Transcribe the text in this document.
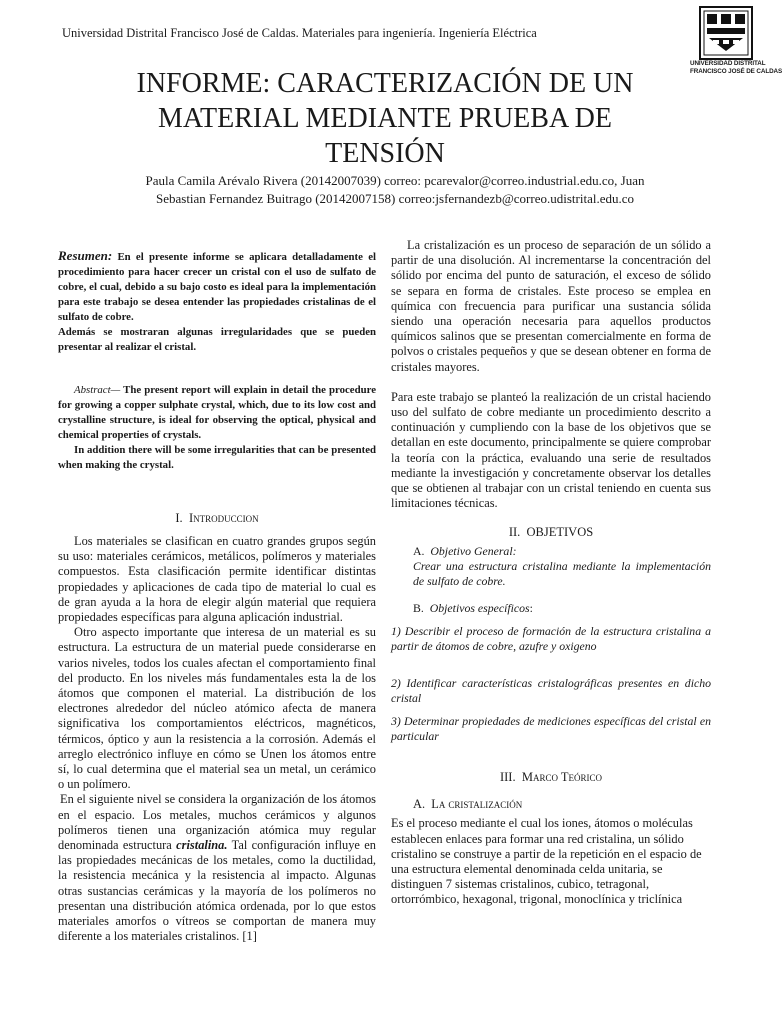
Universidad Distrital Francisco José de Caldas. Materiales para ingeniería. Ingeniería Eléctrica
UNIVERSIDAD DISTRITAL
FRANCISCO JOSÉ DE CALDAS
INFORME: CARACTERIZACIÓN DE UN
MATERIAL MEDIANTE PRUEBA DE
TENSIÓN
Paula Camila Arévalo Rivera (20142007039) correo: pcarevalor@correo.industrial.edu.co, Juan
Sebastian Fernandez Buitrago (20142007158) correo:jsfernandezb@correo.udistrital.edu.co
Resumen: En el presente informe se aplicara detalladamente el procedimiento para hacer crecer un cristal con el uso de sulfato de cobre, el cual, debido a su bajo costo es ideal para la implementación para este trabajo se desea entender las propiedades cristalinas de el sulfato de cobre.
Además se mostraran algunas irregularidades que se pueden presentar al realizar el cristal.
Abstract— The present report will explain in detail the procedure for growing a copper sulphate crystal, which, due to its low cost and crystalline structure, is ideal for observing the optical, physical and chemical properties of crystals.
In addition there will be some irregularities that can be presented when making the crystal.
I. Introduccion
Los materiales se clasifican en cuatro grandes grupos según su uso: materiales cerámicos, metálicos, polímeros y materiales compuestos. Esta clasificación permite identificar distintas propiedades y aplicaciones de cada tipo de material lo cual es de gran ayuda a la hora de elegir algún material que requiera propiedades específicas para alguna aplicación industrial.
Otro aspecto importante que interesa de un material es su estructura. La estructura de un material puede considerarse en varios niveles, todos los cuales afectan el comportamiento final del producto. En los niveles más fundamentales esta la de los átomos que componen el material. La distribución de los electrones alrededor del núcleo atómico afecta de manera significativa los comportamientos eléctricos, magnéticos, térmicos, óptico y aun la resistencia a la corrosión. Además el arreglo electrónico influye en cómo se Unen los átomos entre sí, lo cual determina que el material sea un metal, un cerámico o un polímero.
En el siguiente nivel se considera la organización de los átomos en el espacio. Los metales, muchos cerámicos y algunos polímeros tienen una organización atómica muy regular denominada estructura cristalina. Tal configuración influye en las propiedades mecánicas de los metales, como la ductilidad, la resistencia mecánica y la resistencia al impacto. Algunas otras sustancias cerámicas y la mayoría de los polímeros no presentan una distribución atómica ordenada, por lo que estos materiales amorfos o vítreos se comportan de manera muy diferente a los materiales cristalinos. [1]
La cristalización es un proceso de separación de un sólido a partir de una disolución. Al incrementarse la concentración del sólido por encima del punto de saturación, el exceso de sólido se separa en forma de cristales. Este proceso se emplea en química con frecuencia para purificar una sustancia sólida siendo una operación necesaria para aquellos productos químicos salinos que se presentan comercialmente en forma de polvos o cristales pequeños y que se desean obtener en forma de cristales mayores.
Para este trabajo se planteó la realización de un cristal haciendo uso del sulfato de cobre mediante un procedimiento descrito a continuación y cumpliendo con la base de los objetivos que se detallan en este documento, principalmente se quiere comprobar la teoría con la práctica, evaluando una serie de resultados mediante la investigación y concretamente observar los detalles que se obtienen al trabajar con un cristal teniendo en cuenta sus limitaciones técnicas.
II. OBJETIVOS
A. Objetivo General:
Crear una estructura cristalina mediante la implementación de sulfato de cobre.
B. Objetivos específicos:
1) Describir el proceso de formación de la estructura cristalina a partir de átomos de cobre, azufre y oxigeno
2) Identificar características cristalográficas presentes en dicho cristal
3) Determinar propiedades de mediciones específicas del cristal en particular
III. Marco Teórico
A. La cristalización
Es el proceso mediante el cual los iones, átomos o moléculas establecen enlaces para formar una red cristalina, un sólido cristalino se construye a partir de la repetición en el espacio de una estructura elemental denominada celda unitaria, se distinguen 7 sistemas cristalinos, cubico, tetragonal, ortorrómbico, hexagonal, trigonal, monoclínica y triclínica
